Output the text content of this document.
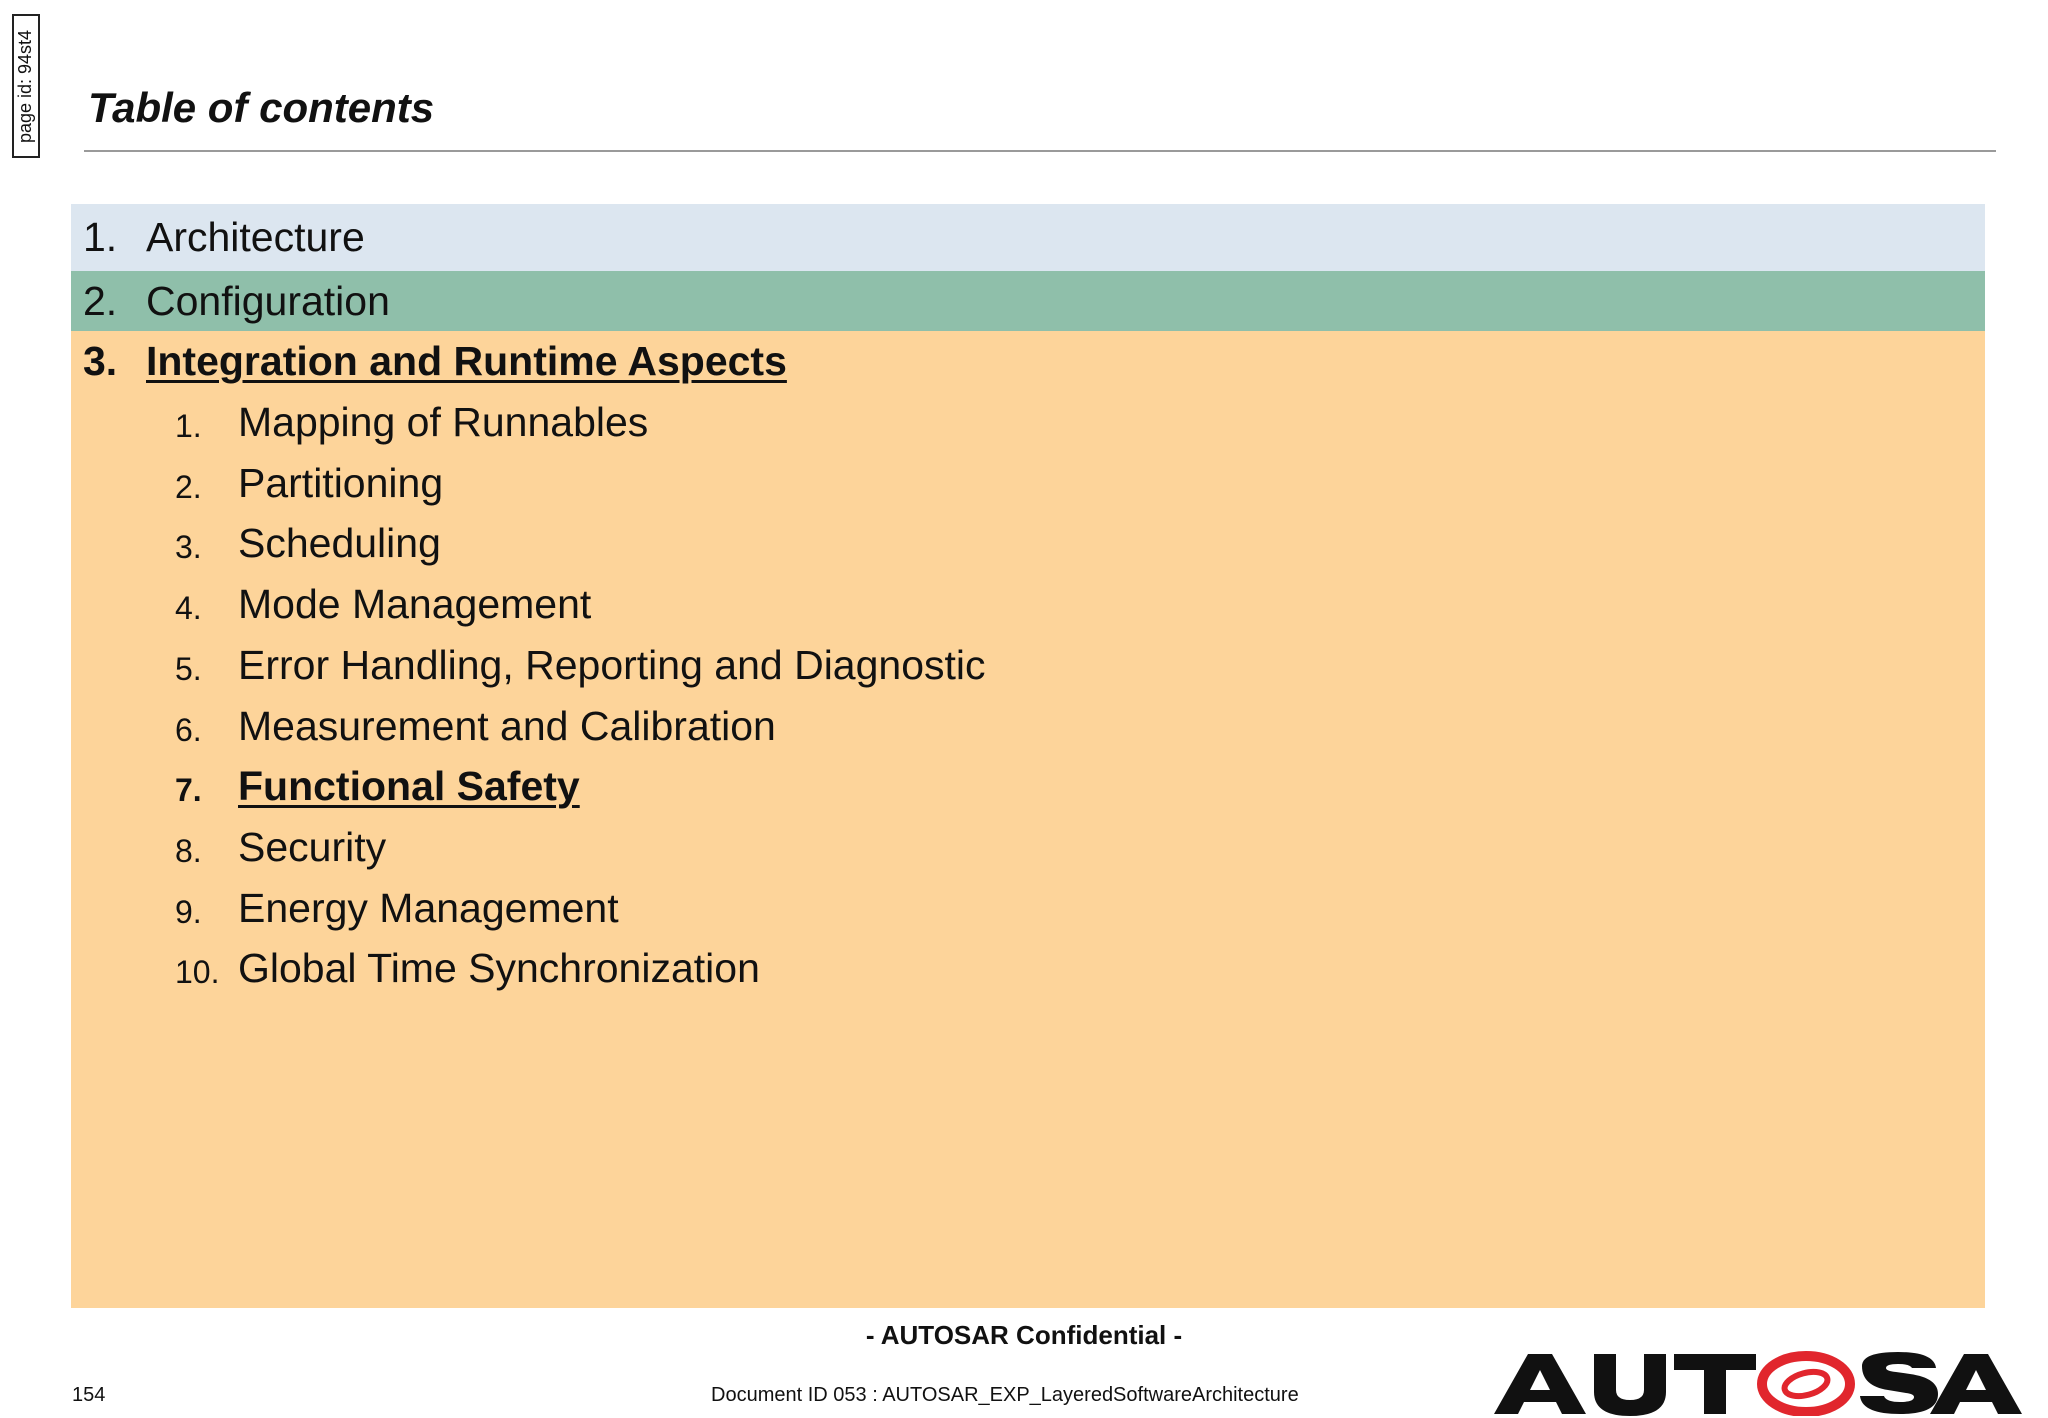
page id: 94st4 Table of contents
1. Architecture
2. Configuration
3. Integration and Runtime Aspects
1. Mapping of Runnables
2. Partitioning
3. Scheduling
4. Mode Management
5. Error Handling, Reporting and Diagnostic
6. Measurement and Calibration
7. Functional Safety
8. Security
9. Energy Management
10. Global Time Synchronization
- AUTOSAR Confidential -
154	Document ID 053 : AUTOSAR_EXP_LayeredSoftwareArchitecture
